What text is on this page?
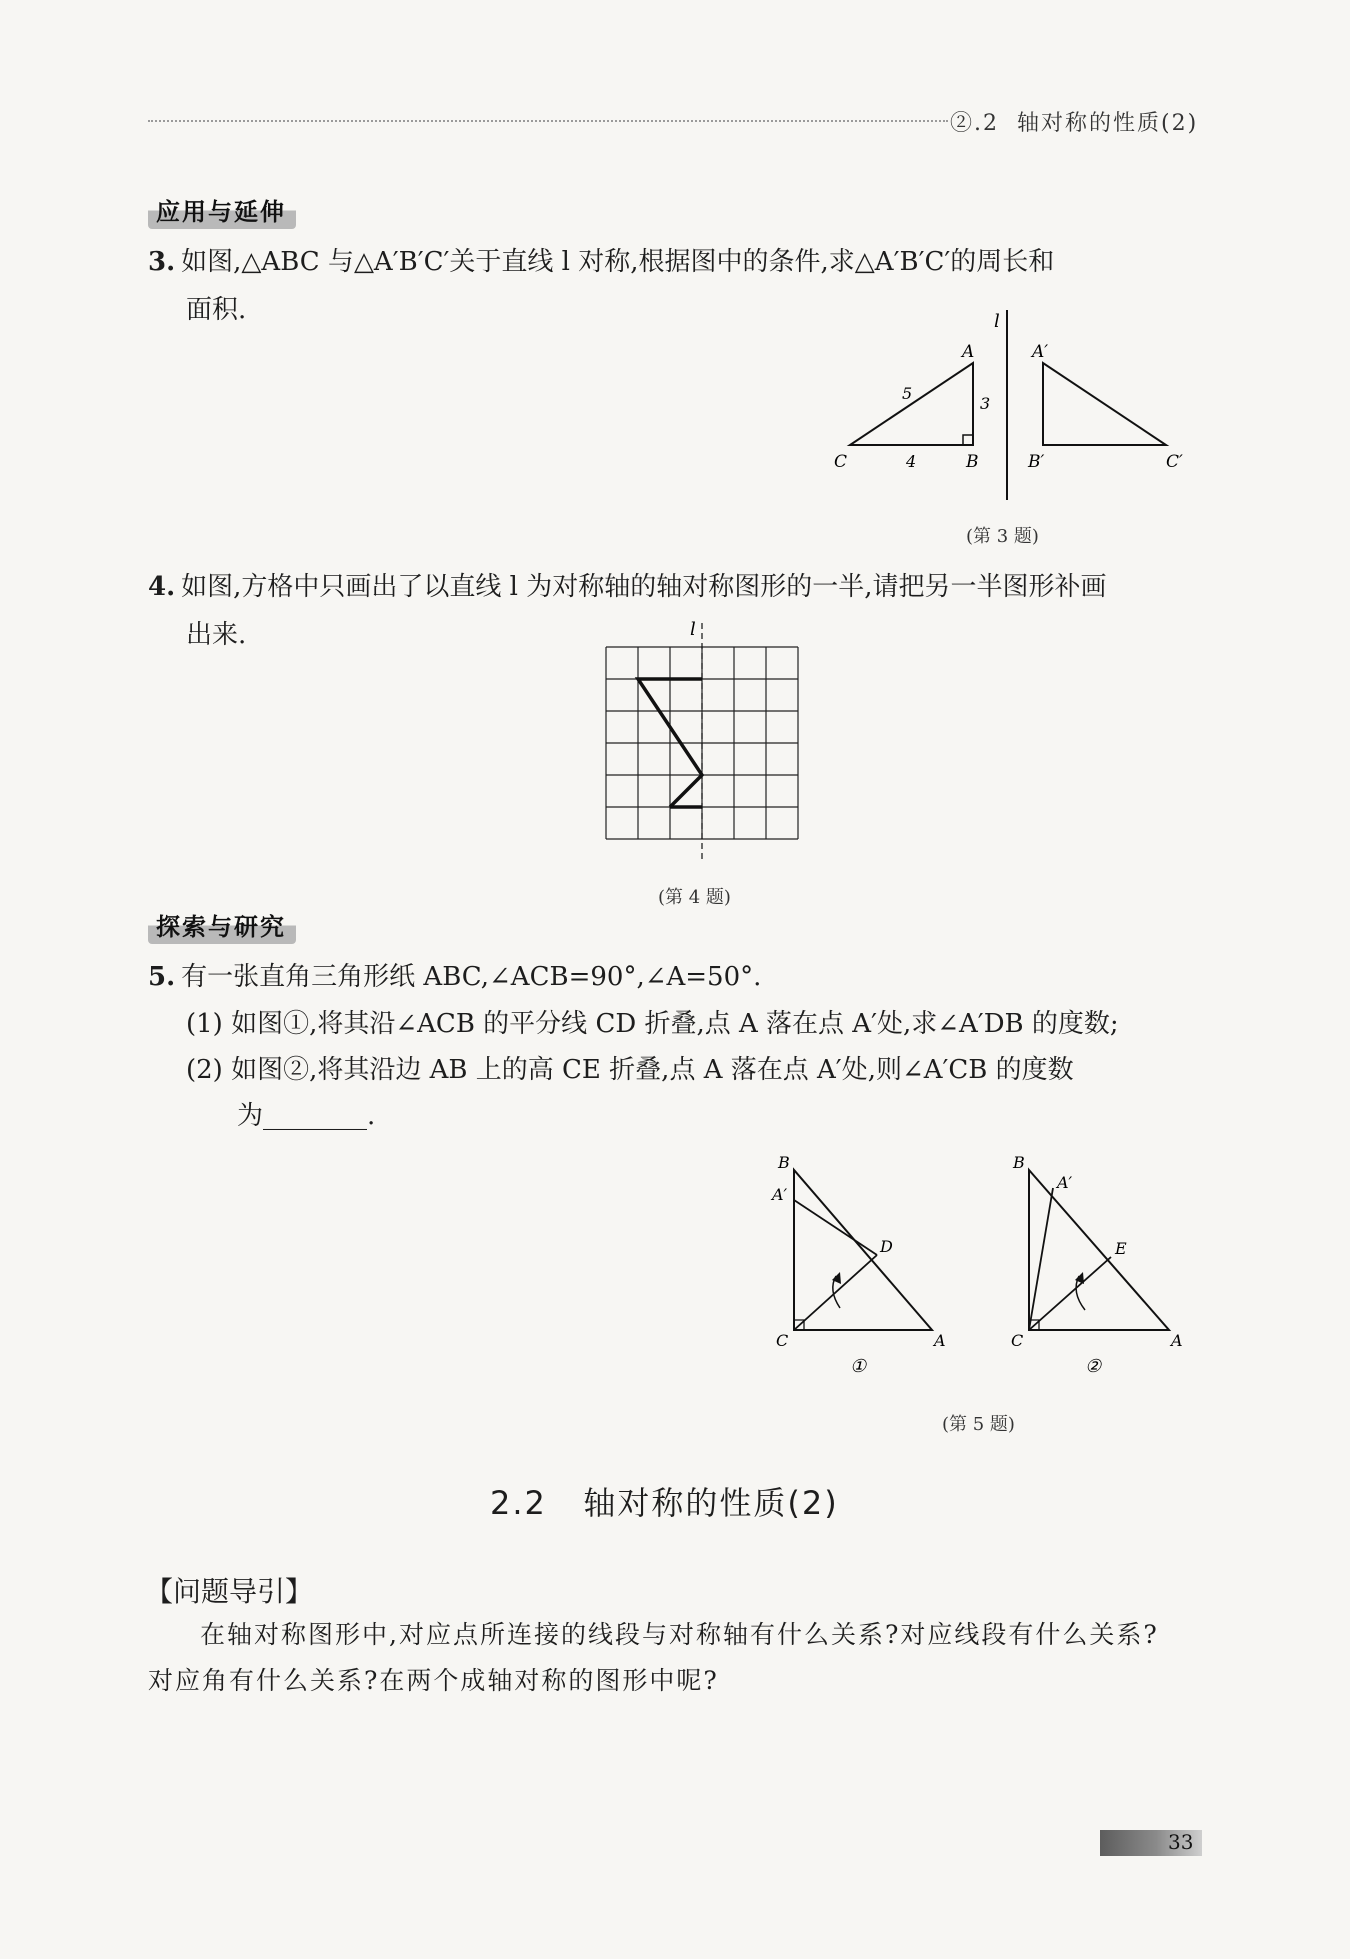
②.2 轴对称的性质(2)
应用与延伸
3. 如图,△ABC 与△A′B′C′关于直线 l 对称,根据图中的条件,求△A′B′C′的周长和
面积.	l
A
B
C
5
3
4
A′
B′	C′
(第 3 题)
4. 如图,方格中只画出了以直线 l 为对称轴的轴对称图形的一半,请把另一半图形补画
出来.	l
(第 4 题)
探索与研究
5. 有一张直角三角形纸 ABC,∠ACB=90°,∠A=50°.
(1) 如图①,将其沿∠ACB 的平分线 CD 折叠,点 A 落在点 A′处,求∠A′DB 的度数;
(2) 如图②,将其沿边 AB 上的高 CE 折叠,点 A 落在点 A′处,则∠A′CB 的度数
为________.
B
A′
D
C	A
①
B
A′
E
C	A
②
(第 5 题)
2.2 轴对称的性质(2)
【问题导引】
在轴对称图形中,对应点所连接的线段与对称轴有什么关系?对应线段有什么关系?
对应角有什么关系?在两个成轴对称的图形中呢?
33
